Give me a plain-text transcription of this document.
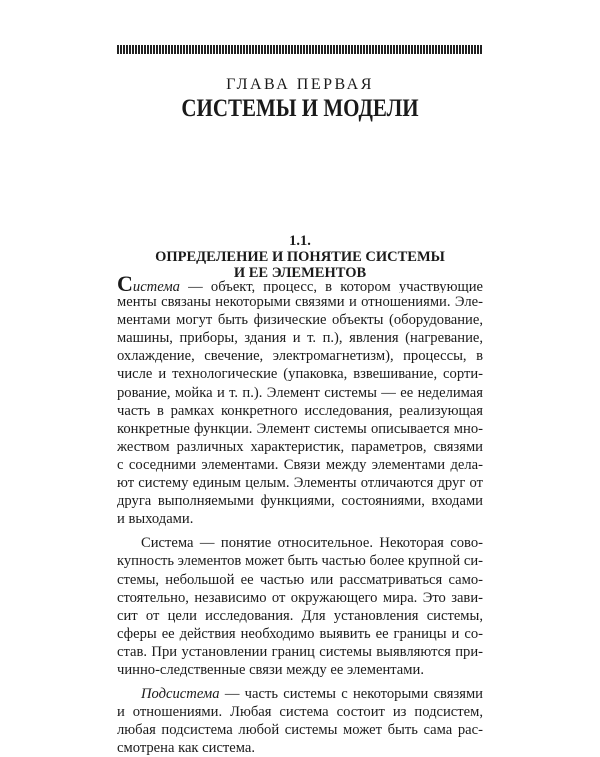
ГЛАВА ПЕРВАЯ
СИСТЕМЫ И МОДЕЛИ
1.1.
ОПРЕДЕЛЕНИЕ И ПОНЯТИЕ СИСТЕМЫ
И ЕЕ ЭЛЕМЕНТОВ
Система — объект, процесс, в котором участвующие
менты связаны некоторыми связями и отношениями. Эле-
ментами могут быть физические объекты (оборудование,
машины, приборы, здания и т. п.), явления (нагревание,
охлаждение, свечение, электромагнетизм), процессы, в
числе и технологические (упаковка, взвешивание, сорти-
рование, мойка и т. п.). Элемент системы — ее неделимая
часть в рамках конкретного исследования, реализующая
конкретные функции. Элемент системы описывается мно-
жеством различных характеристик, параметров, связями
с соседними элементами. Связи между элементами дела-
ют систему единым целым. Элементы отличаются друг от
друга выполняемыми функциями, состояниями, входами
и выходами.
Система — понятие относительное. Некоторая сово-
купность элементов может быть частью более крупной си-
стемы, небольшой ее частью или рассматриваться само-
стоятельно, независимо от окружающего мира. Это зави-
сит от цели исследования. Для установления системы,
сферы ее действия необходимо выявить ее границы и со-
став. При установлении границ системы выявляются при-
чинно-следственные связи между ее элементами.
Подсистема — часть системы с некоторыми связями
и отношениями. Любая система состоит из подсистем,
любая подсистема любой системы может быть сама рас-
смотрена как система.
